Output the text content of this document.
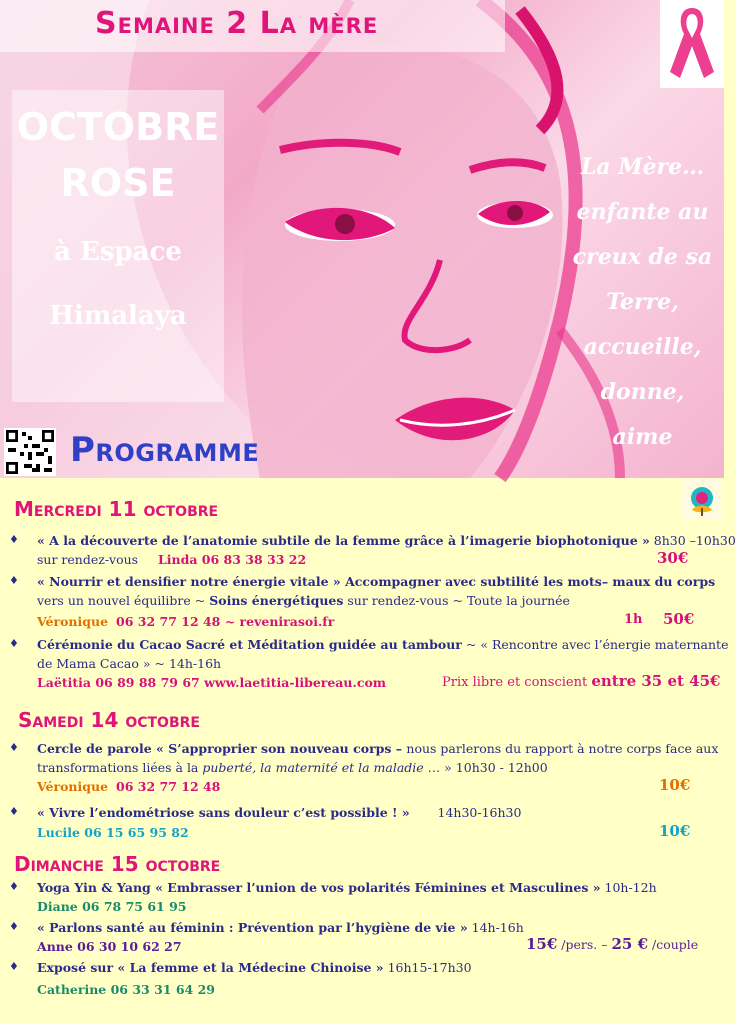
Semaine 2 La mère
OCTOBRE
ROSE
à Espace
Himalaya
La Mère…
enfante au
creux de sa
Terre,
accueille,
donne,
aime
Programme
Mercredi 11 octobre
♦ « A la découverte de l’anatomie subtile de la femme grâce à l’imagerie biophotonique » 8h30 –10h30
sur rendez-vous Linda 06 83 38 33 22	30€
♦ « Nourrir et densifier notre énergie vitale » Accompagner avec subtilité les mots– maux du corps
vers un nouvel équilibre ~ Soins énergétiques sur rendez-vous ~ Toute la journée
Véronique 06 32 77 12 48 ~ revenirasoi.fr	1h 50€
♦ Cérémonie du Cacao Sacré et Méditation guidée au tambour ~ « Rencontre avec l’énergie maternante
de Mama Cacao » ~ 14h-16h
Laëtitia 06 89 88 79 67 www.laetitia-libereau.com	Prix libre et conscient entre 35 et 45€
Samedi 14 octobre
♦ Cercle de parole « S’approprier son nouveau corps – nous parlerons du rapport à notre corps face aux
transformations liées à la puberté, la maternité et la maladie … » 10h30 - 12h00
Véronique 06 32 77 12 48	10€
♦ « Vivre l’endométriose sans douleur c’est possible ! » 14h30-16h30
Lucile 06 15 65 95 82	10€
Dimanche 15 octobre
♦ Yoga Yin & Yang « Embrasser l’union de vos polarités Féminines et Masculines » 10h-12h
Diane 06 78 75 61 95
♦ « Parlons santé au féminin : Prévention par l’hygiène de vie » 14h-16h
Anne 06 30 10 62 27	15€ /pers. – 25 € /couple
♦ Exposé sur « La femme et la Médecine Chinoise » 16h15-17h30
Catherine 06 33 31 64 29
